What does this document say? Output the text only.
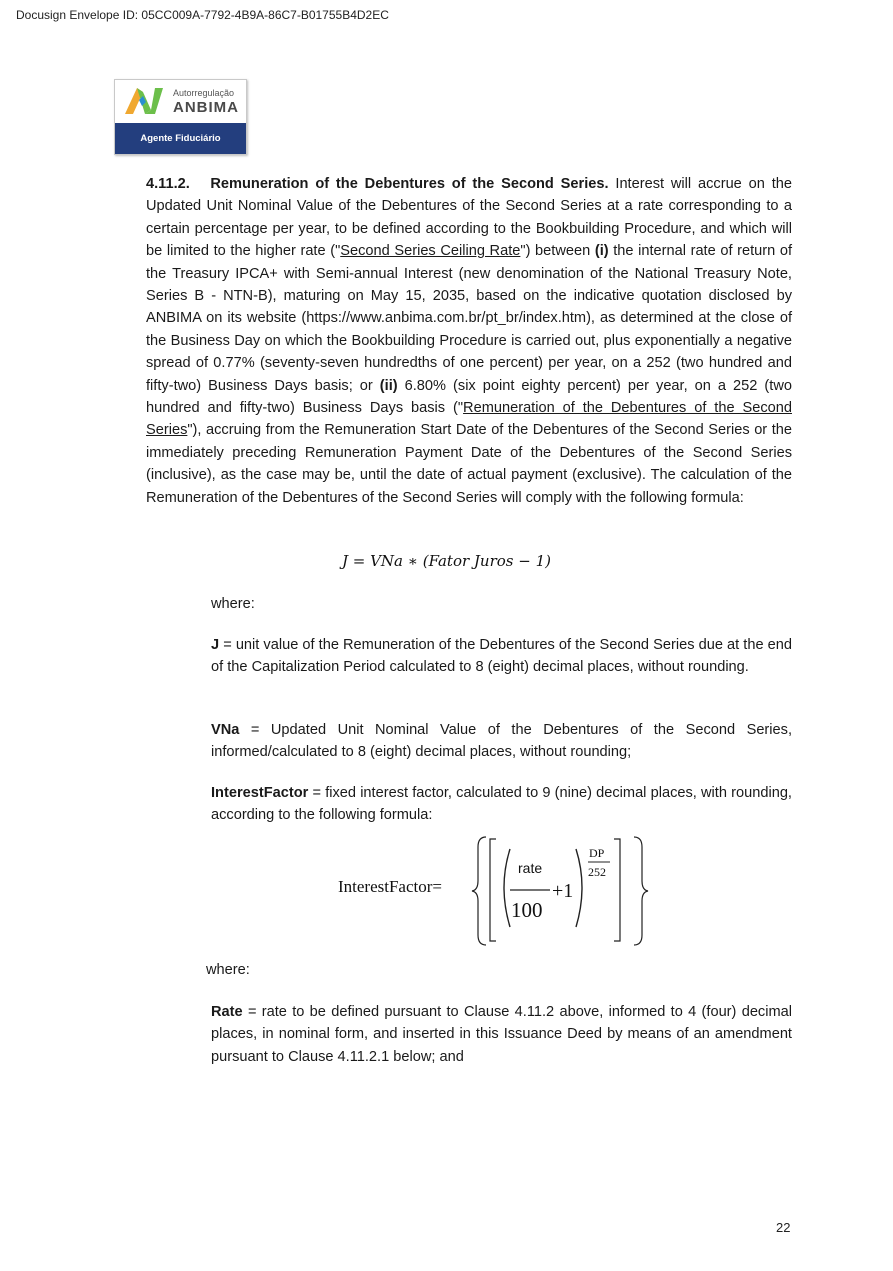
Docusign Envelope ID: 05CC009A-7792-4B9A-86C7-B01755B4D2EC
Autorregulação
ANBIMA
Agente Fiduciário
4.11.2. Remuneration of the Debentures of the Second Series. Interest will accrue on the Updated Unit Nominal Value of the Debentures of the Second Series at a rate corresponding to a certain percentage per year, to be defined according to the Bookbuilding Procedure, and which will be limited to the higher rate ("Second Series Ceiling Rate") between (i) the internal rate of return of the Treasury IPCA+ with Semi-annual Interest (new denomination of the National Treasury Note, Series B - NTN-B), maturing on May 15, 2035, based on the indicative quotation disclosed by ANBIMA on its website (https://www.anbima.com.br/pt_br/index.htm), as determined at the close of the Business Day on which the Bookbuilding Procedure is carried out, plus exponentially a negative spread of 0.77% (seventy-seven hundredths of one percent) per year, on a 252 (two hundred and fifty-two) Business Days basis; or (ii) 6.80% (six point eighty percent) per year, on a 252 (two hundred and fifty-two) Business Days basis ("Remuneration of the Debentures of the Second Series"), accruing from the Remuneration Start Date of the Debentures of the Second Series or the immediately preceding Remuneration Payment Date of the Debentures of the Second Series (inclusive), as the case may be, until the date of actual payment (exclusive). The calculation of the Remuneration of the Debentures of the Second Series will comply with the following formula:
J = VNa ∗ (Fator Juros − 1)
where:
J = unit value of the Remuneration of the Debentures of the Second Series due at the end of the Capitalization Period calculated to 8 (eight) decimal places, without rounding.
VNa = Updated Unit Nominal Value of the Debentures of the Second Series, informed/calculated to 8 (eight) decimal places, without rounding;
InterestFactor = fixed interest factor, calculated to 9 (nine) decimal places, with rounding, according to the following formula:
InterestFactor=
rate
100
+1
DP
252
where:
Rate = rate to be defined pursuant to Clause 4.11.2 above, informed to 4 (four) decimal places, in nominal form, and inserted in this Issuance Deed by means of an amendment pursuant to Clause 4.11.2.1 below; and
22
